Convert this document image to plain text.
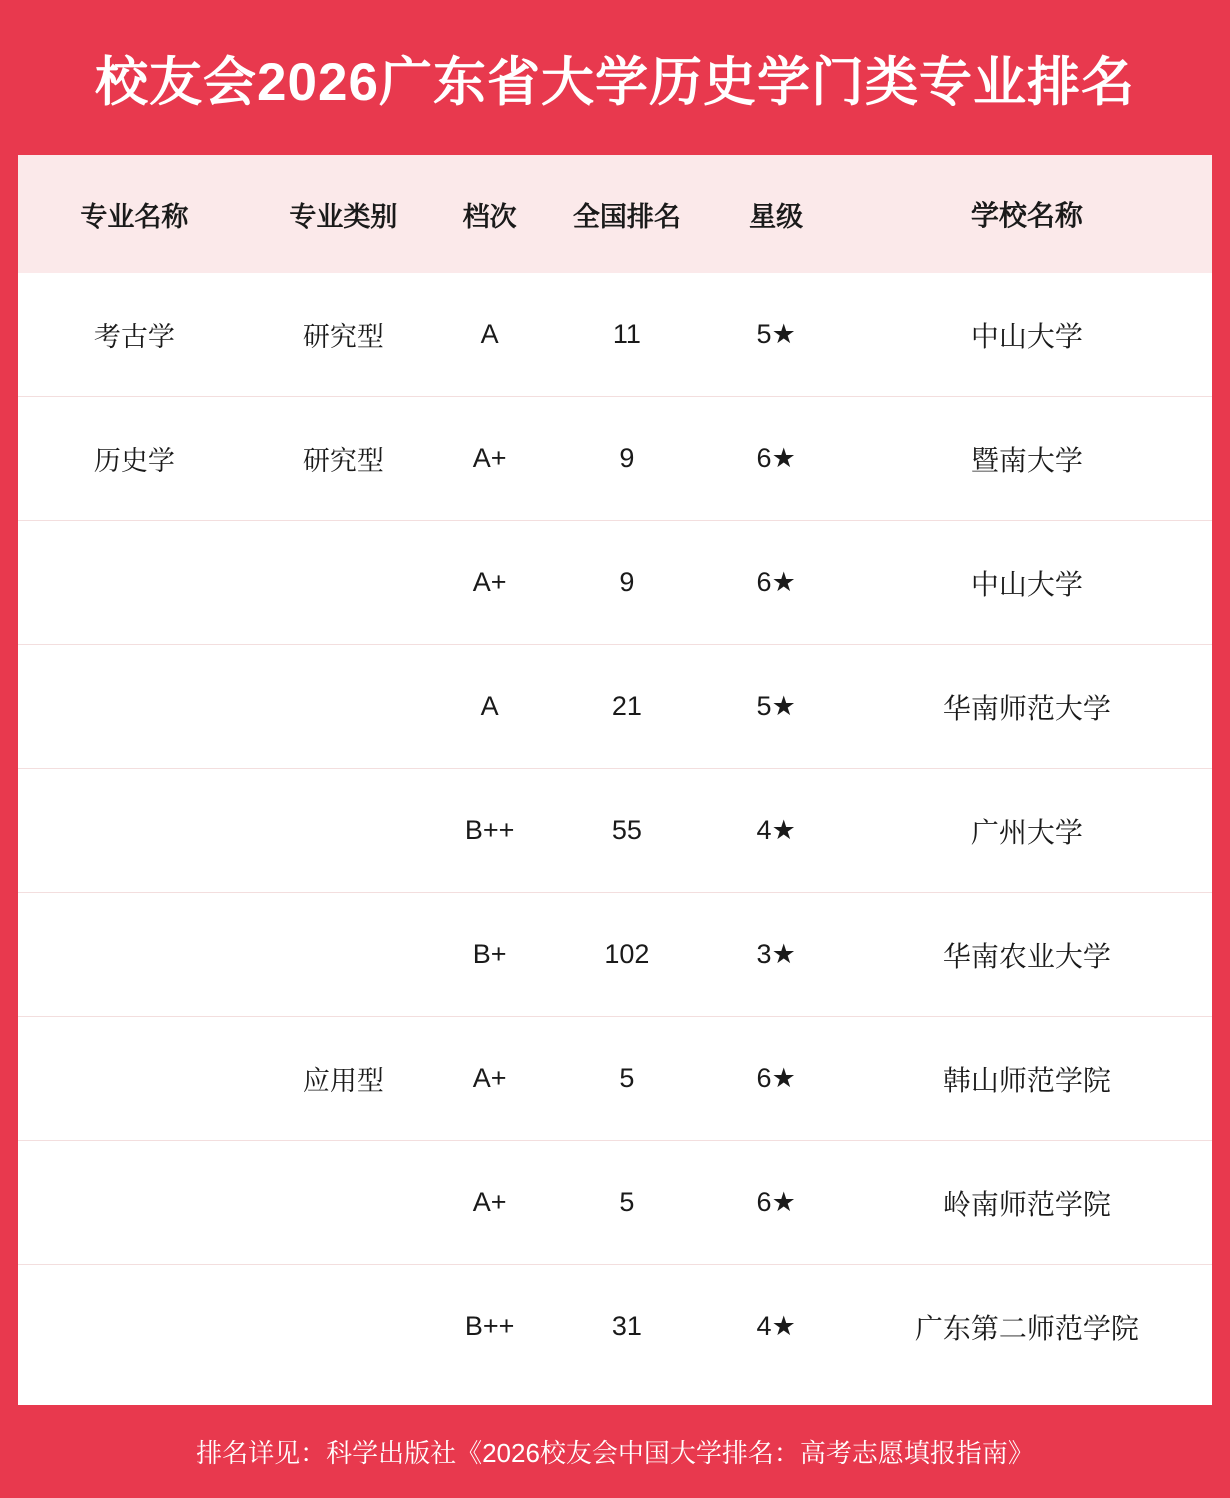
校友会2026广东省大学历史学门类专业排名
专业名称	专业类别	档次	全国排名	星级	学校名称
考古学	研究型	A	11	5★	中山大学
历史学	研究型	A+	9	6★	暨南大学
		A+	9	6★	中山大学
		A	21	5★	华南师范大学
		B++	55	4★	广州大学
		B+	102	3★	华南农业大学
	应用型	A+	5	6★	韩山师范学院
		A+	5	6★	岭南师范学院
		B++	31	4★	广东第二师范学院
排名详见：科学出版社《2026校友会中国大学排名：高考志愿填报指南》
